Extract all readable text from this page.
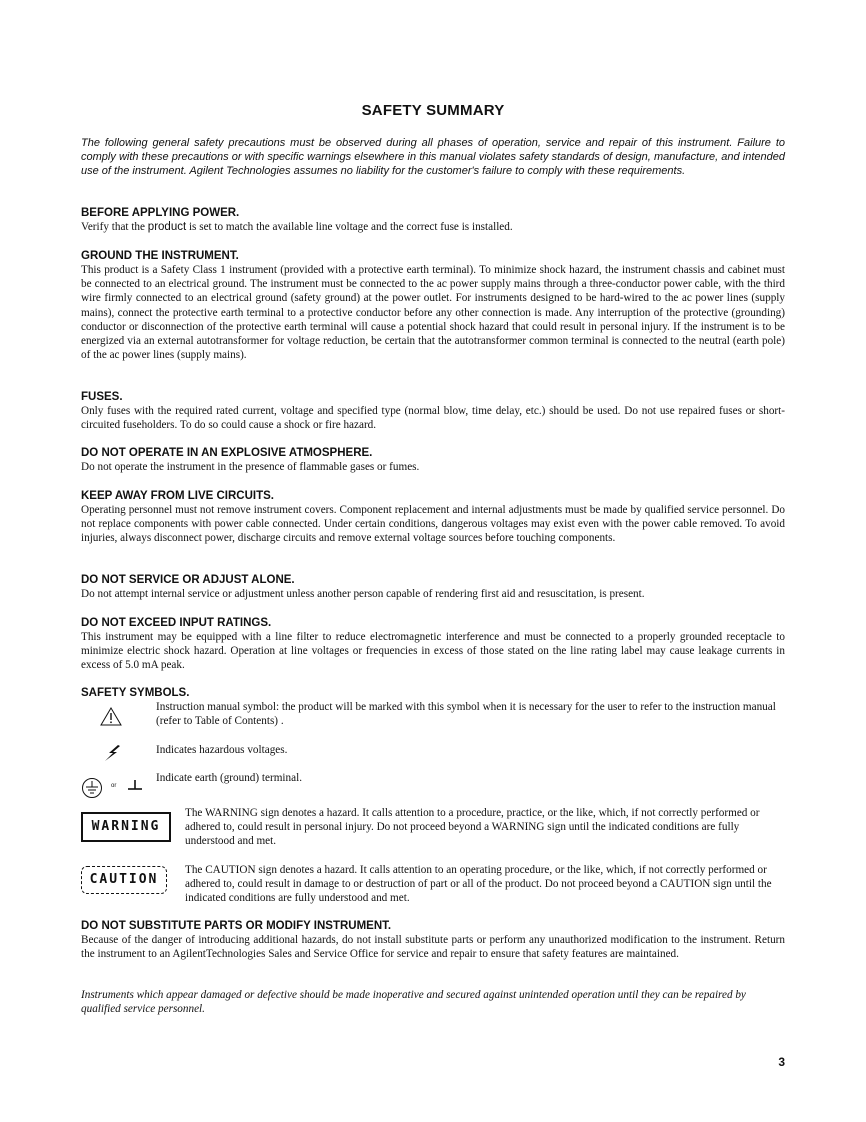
SAFETY SUMMARY
The following general safety precautions must be observed during all phases of operation, service and repair of this instrument. Failure to comply with these precautions or with specific warnings elsewhere in this manual violates safety standards of design, manufacture, and intended use of the instrument. Agilent Technologies assumes no liability for the customer's failure to comply with these requirements.
BEFORE APPLYING POWER.

Verify that the product is set to match the available line voltage and the correct fuse is installed.

GROUND THE INSTRUMENT.

This product is a Safety Class 1 instrument (provided with a protective earth terminal). To minimize shock hazard, the instrument chassis and cabinet must be connected to an electrical ground. The instrument must be connected to the ac power supply mains through a three-conductor power cable, with the third wire firmly connected to an electrical ground (safety ground) at the power outlet. For instruments designed to be hard-wired to the ac power lines (supply mains), connect the protective earth terminal to a protective conductor before any other connection is made. Any interruption of the protective (grounding) conductor or disconnection of the protective earth terminal will cause a potential shock hazard that could result in personal injury. If the instrument is to be energized via an external autotransformer for voltage reduction, be certain that the autotransformer common terminal is connected to the neutral (earth pole) of the ac power lines (supply mains).

FUSES.

Only fuses with the required rated current, voltage and specified type (normal blow, time delay, etc.) should be used. Do not use repaired fuses or short-circuited fuseholders. To do so could cause a shock or fire hazard.

DO NOT OPERATE IN AN EXPLOSIVE ATMOSPHERE.

Do not operate the instrument in the presence of flammable gases or fumes.

KEEP AWAY FROM LIVE CIRCUITS.

Operating personnel must not remove instrument covers. Component replacement and internal adjustments must be made by qualified service personnel. Do not replace components with power cable connected. Under certain conditions, dangerous voltages may exist even with the power cable removed. To avoid injuries, always disconnect power, discharge circuits and remove external voltage sources before touching components.

DO NOT SERVICE OR ADJUST ALONE.

Do not attempt internal service or adjustment unless another person capable of rendering first aid and resuscitation, is present.

DO NOT EXCEED INPUT RATINGS.

This instrument may be equipped with a line filter to reduce electromagnetic interference and must be connected to a properly grounded receptacle to minimize electric shock hazard. Operation at line voltages or frequencies in excess of those stated on the line rating label may cause leakage currents in excess of 5.0 mA peak.

SAFETY SYMBOLS.
Instruction manual symbol: the product will be marked with this symbol when it is necessary for the user to refer to the instruction manual (refer to Table of Contents) .
Indicates hazardous voltages.
or
Indicate earth (ground) terminal.
WARNING
The WARNING sign denotes a hazard. It calls attention to a procedure, practice, or the like, which, if not correctly performed or adhered to, could result in personal injury. Do not proceed beyond a WARNING sign until the indicated conditions are fully understood and met.
CAUTION
The CAUTION sign denotes a hazard. It calls attention to an operating procedure, or the like, which, if not correctly performed or adhered to, could result in damage to or destruction of part or all of the product. Do not proceed beyond a CAUTION sign until the indicated conditions are fully understood and met.
DO NOT SUBSTITUTE PARTS OR MODIFY INSTRUMENT.

Because of the danger of introducing additional hazards, do not install substitute parts or perform any unauthorized modification to the instrument. Return the instrument to an AgilentTechnologies Sales and Service Office for service and repair to ensure that safety features are maintained.

Instruments which appear damaged or defective should be made inoperative and secured against unintended operation until they can be repaired by qualified service personnel.
3
